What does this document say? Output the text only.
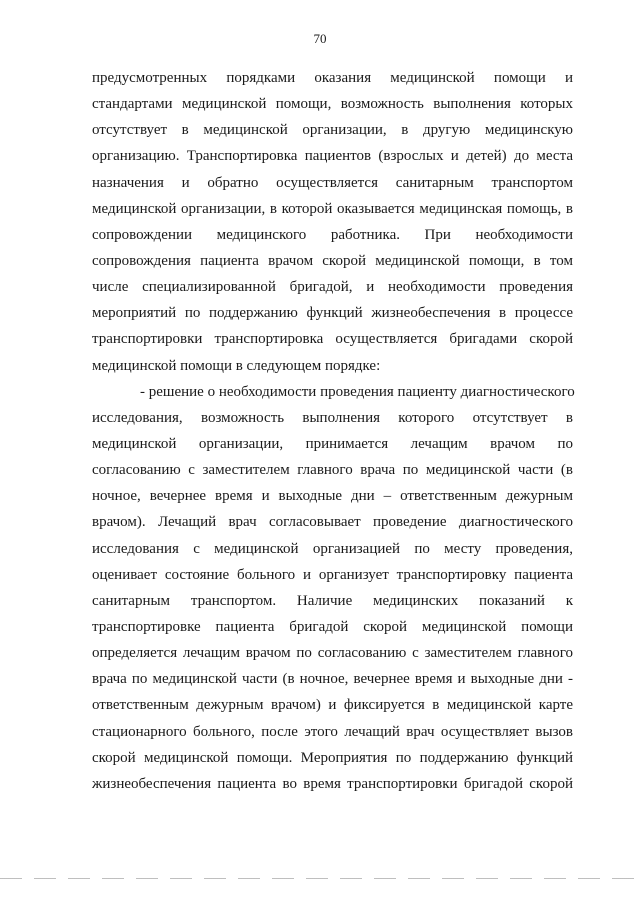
70

предусмотренных порядками оказания медицинской помощи и
стандартами медицинской помощи, возможность выполнения которых
отсутствует в медицинской организации, в другую медицинскую
организацию. Транспортировка пациентов (взрослых и детей) до места
назначения и обратно осуществляется санитарным транспортом
медицинской организации, в которой оказывается медицинская помощь, в
сопровождении медицинского работника. При необходимости
сопровождения пациента врачом скорой медицинской помощи, в том
числе специализированной бригадой, и необходимости проведения
мероприятий по поддержанию функций жизнеобеспечения в процессе
транспортировки транспортировка осуществляется бригадами скорой
медицинской помощи в следующем порядке:

- решение о необходимости проведения пациенту диагностического
исследования, возможность выполнения которого отсутствует в
медицинской организации, принимается лечащим врачом по
согласованию с заместителем главного врача по медицинской части (в
ночное, вечернее время и выходные дни – ответственным дежурным
врачом). Лечащий врач согласовывает проведение диагностического
исследования с медицинской организацией по месту проведения,
оценивает состояние больного и организует транспортировку пациента
санитарным транспортом. Наличие медицинских показаний к
транспортировке пациента бригадой скорой медицинской помощи
определяется лечащим врачом по согласованию с заместителем главного
врача по медицинской части (в ночное, вечернее время и выходные дни -
ответственным дежурным врачом) и фиксируется в медицинской карте
стационарного больного, после этого лечащий врач осуществляет вызов
скорой медицинской помощи. Мероприятия по поддержанию функций
жизнеобеспечения пациента во время транспортировки бригадой скорой
